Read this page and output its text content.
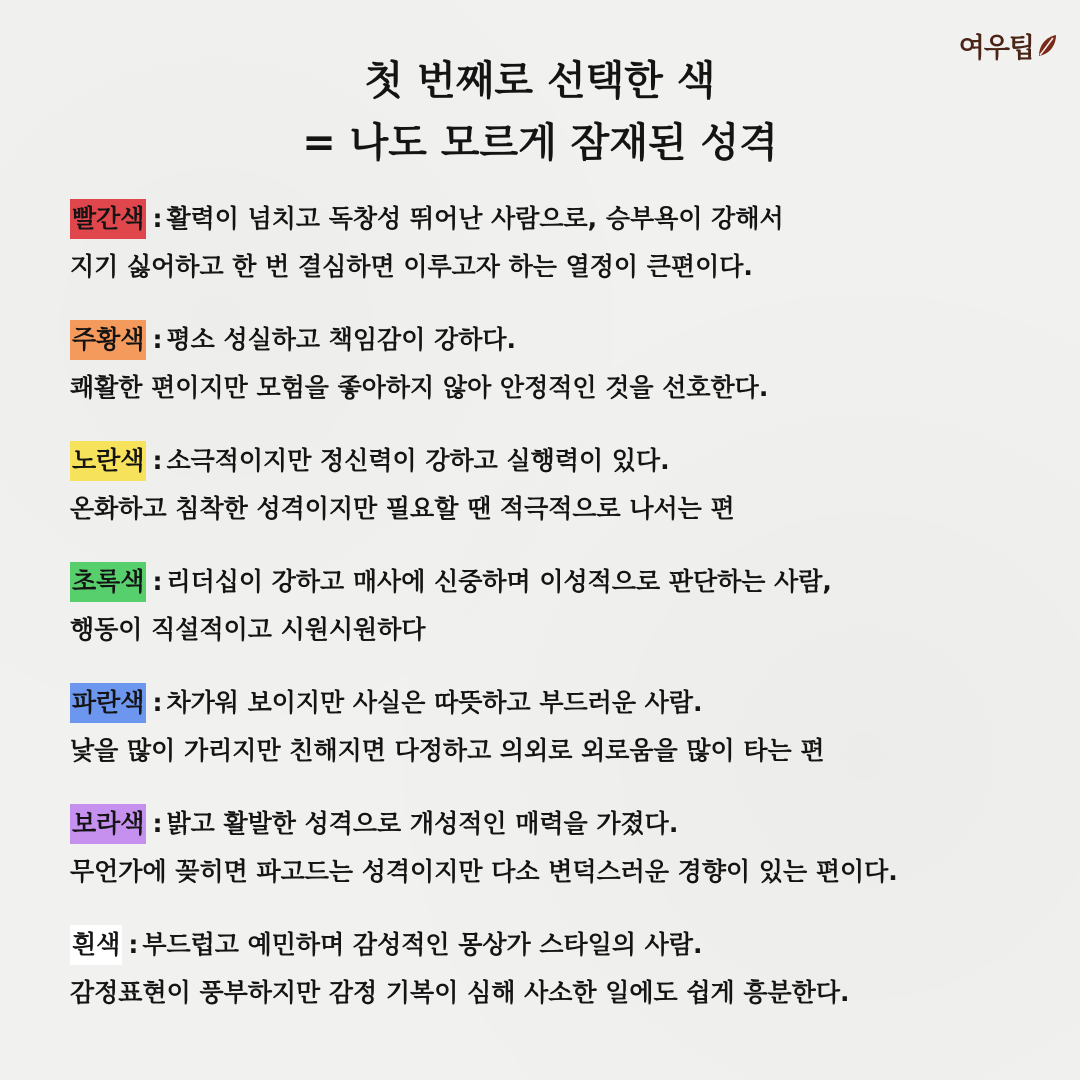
여우팁
첫 번째로 선택한 색
= 나도 모르게 잠재된 성격
빨간색 : 활력이 넘치고 독창성 뛰어난 사람으로, 승부욕이 강해서
지기 싫어하고 한 번 결심하면 이루고자 하는 열정이 큰편이다.
주황색 : 평소 성실하고 책임감이 강하다.
쾌활한 편이지만 모험을 좋아하지 않아 안정적인 것을 선호한다.
노란색 : 소극적이지만 정신력이 강하고 실행력이 있다.
온화하고 침착한 성격이지만 필요할 땐 적극적으로 나서는 편
초록색 : 리더십이 강하고 매사에 신중하며 이성적으로 판단하는 사람,
행동이 직설적이고 시원시원하다
파란색 : 차가워 보이지만 사실은 따뜻하고 부드러운 사람.
낯을 많이 가리지만 친해지면 다정하고 의외로 외로움을 많이 타는 편
보라색 : 밝고 활발한 성격으로 개성적인 매력을 가졌다.
무언가에 꽂히면 파고드는 성격이지만 다소 변덕스러운 경향이 있는 편이다.
흰색 : 부드럽고 예민하며 감성적인 몽상가 스타일의 사람.
감정표현이 풍부하지만 감정 기복이 심해 사소한 일에도 쉽게 흥분한다.
